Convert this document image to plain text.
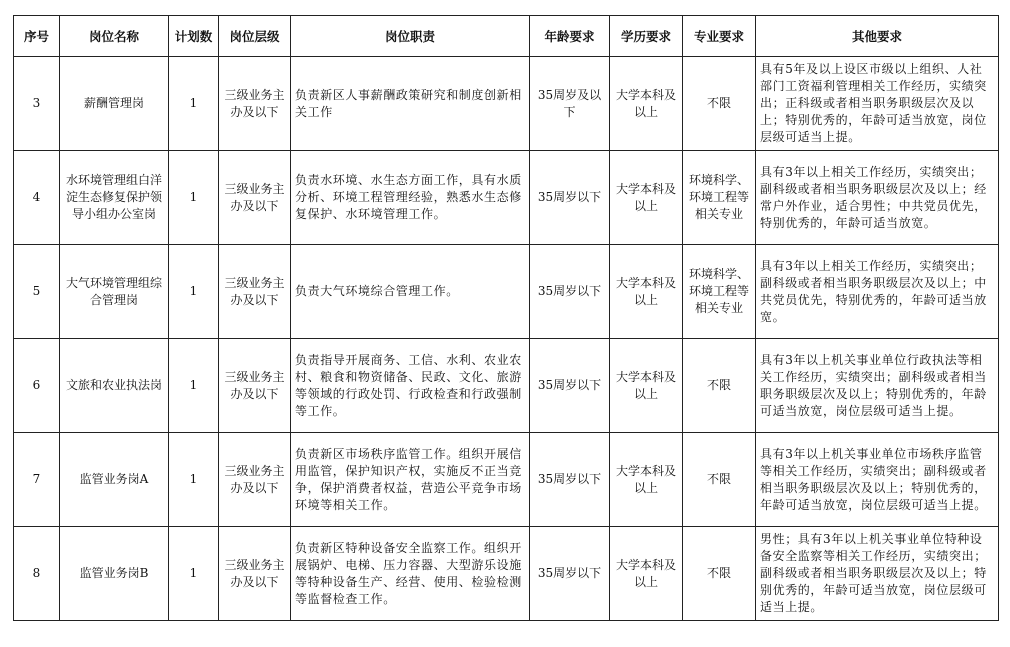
序号	岗位名称	计划数	岗位层级	岗位职责	年龄要求	学历要求	专业要求	其他要求
3	薪酬管理岗	1	三级业务主办及以下	负责新区人事薪酬政策研究和制度创新相关工作	35周岁及以下	大学本科及以上	不限	具有5年及以上设区市级以上组织、人社部门工资福利管理相关工作经历，实绩突出；正科级或者相当职务职级层次及以上；特别优秀的，年龄可适当放宽，岗位层级可适当上提。
4	水环境管理组白洋淀生态修复保护领导小组办公室岗	1	三级业务主办及以下	负责水环境、水生态方面工作，具有水质分析、环境工程管理经验，熟悉水生态修复保护、水环境管理工作。	35周岁以下	大学本科及以上	环境科学、环境工程等相关专业	具有3年以上相关工作经历，实绩突出；副科级或者相当职务职级层次及以上；经常户外作业，适合男性；中共党员优先，特别优秀的，年龄可适当放宽。
5	大气环境管理组综合管理岗	1	三级业务主办及以下	负责大气环境综合管理工作。	35周岁以下	大学本科及以上	环境科学、环境工程等相关专业	具有3年以上相关工作经历，实绩突出；副科级或者相当职务职级层次及以上；中共党员优先，特别优秀的，年龄可适当放宽。
6	文旅和农业执法岗	1	三级业务主办及以下	负责指导开展商务、工信、水利、农业农村、粮食和物资储备、民政、文化、旅游等领域的行政处罚、行政检查和行政强制等工作。	35周岁以下	大学本科及以上	不限	具有3年以上机关事业单位行政执法等相关工作经历，实绩突出；副科级或者相当职务职级层次及以上；特别优秀的，年龄可适当放宽，岗位层级可适当上提。
7	监管业务岗A	1	三级业务主办及以下	负责新区市场秩序监管工作。组织开展信用监管，保护知识产权，实施反不正当竞争，保护消费者权益，营造公平竞争市场环境等相关工作。	35周岁以下	大学本科及以上	不限	具有3年以上机关事业单位市场秩序监管等相关工作经历，实绩突出；副科级或者相当职务职级层次及以上；特别优秀的，年龄可适当放宽，岗位层级可适当上提。
8	监管业务岗B	1	三级业务主办及以下	负责新区特种设备安全监察工作。组织开展锅炉、电梯、压力容器、大型游乐设施等特种设备生产、经营、使用、检验检测等监督检查工作。	35周岁以下	大学本科及以上	不限	男性；具有3年以上机关事业单位特种设备安全监察等相关工作经历，实绩突出；副科级或者相当职务职级层次及以上；特别优秀的，年龄可适当放宽，岗位层级可适当上提。
